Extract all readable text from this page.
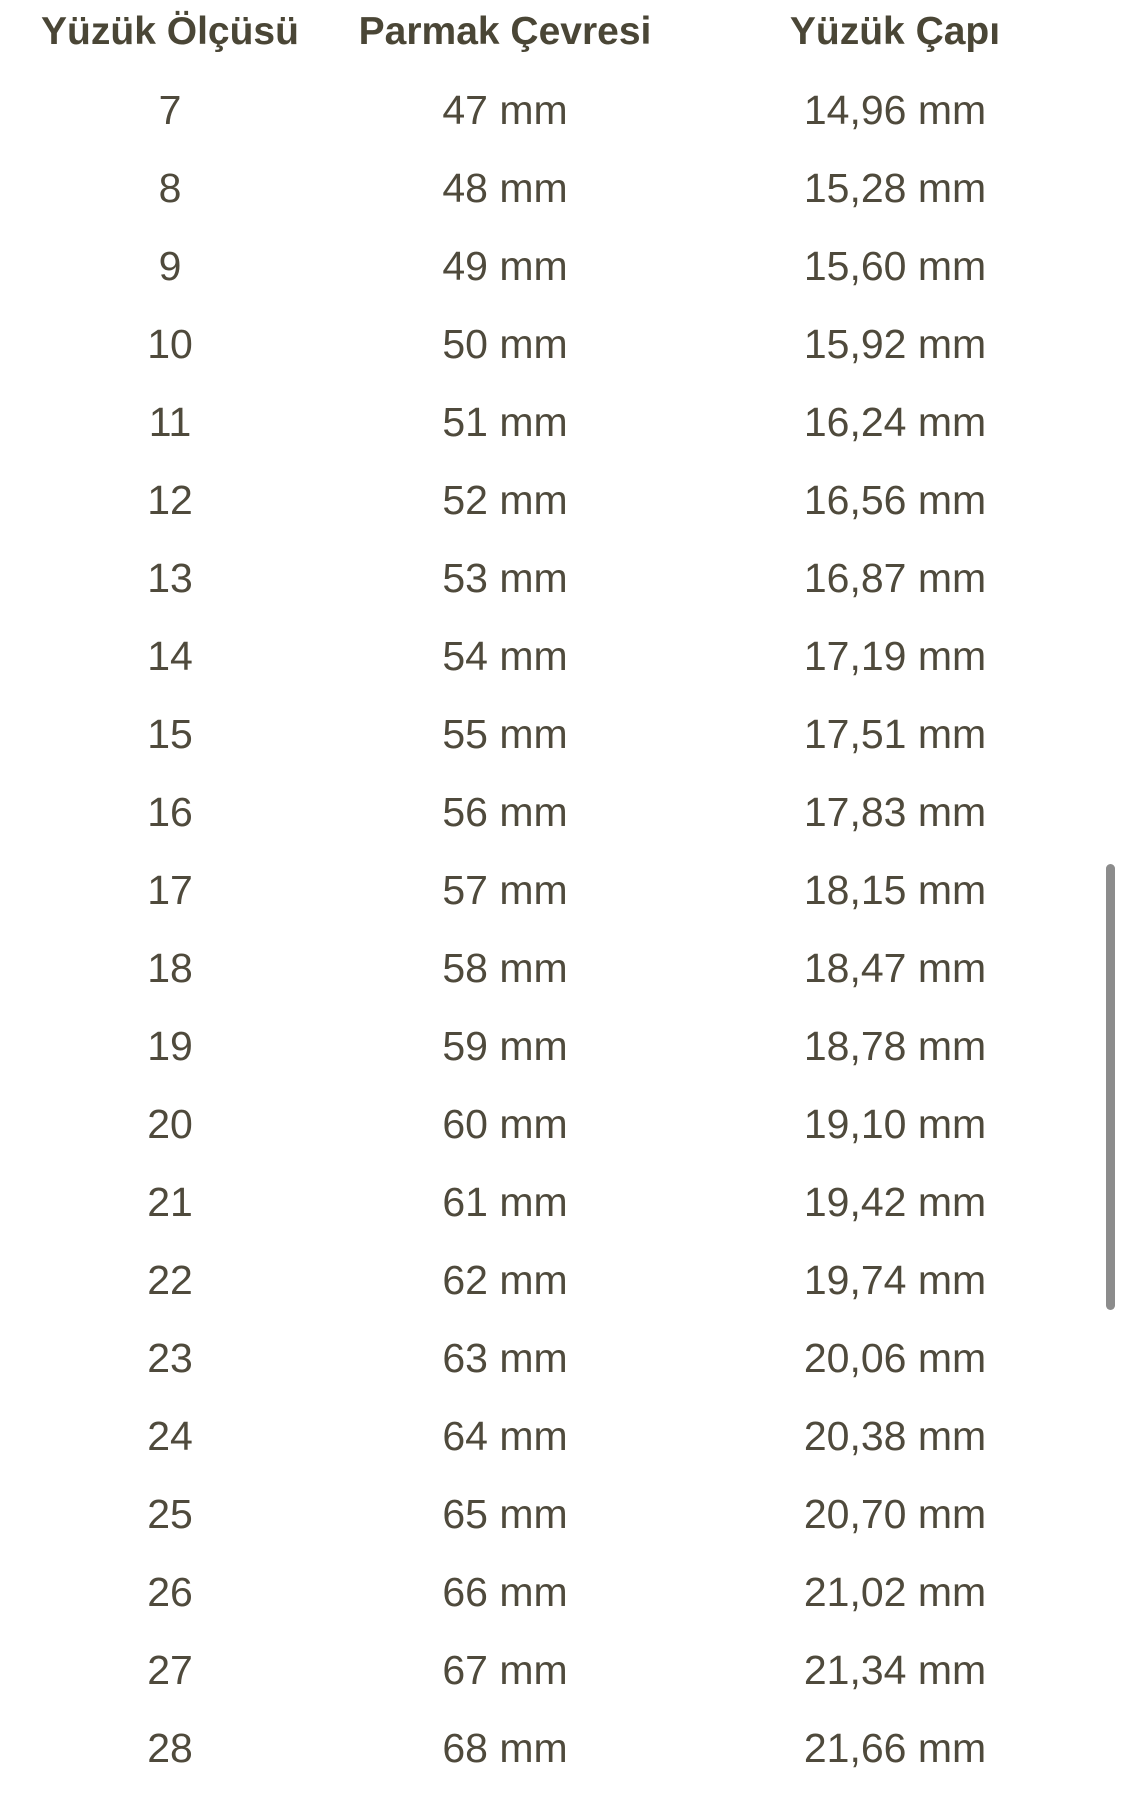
Yüzük Ölçüsü	Parmak Çevresi	Yüzük Çapı
7	47 mm	14,96 mm
8	48 mm	15,28 mm
9	49 mm	15,60 mm
10	50 mm	15,92 mm
11	51 mm	16,24 mm
12	52 mm	16,56 mm
13	53 mm	16,87 mm
14	54 mm	17,19 mm
15	55 mm	17,51 mm
16	56 mm	17,83 mm
17	57 mm	18,15 mm
18	58 mm	18,47 mm
19	59 mm	18,78 mm
20	60 mm	19,10 mm
21	61 mm	19,42 mm
22	62 mm	19,74 mm
23	63 mm	20,06 mm
24	64 mm	20,38 mm
25	65 mm	20,70 mm
26	66 mm	21,02 mm
27	67 mm	21,34 mm
28	68 mm	21,66 mm
